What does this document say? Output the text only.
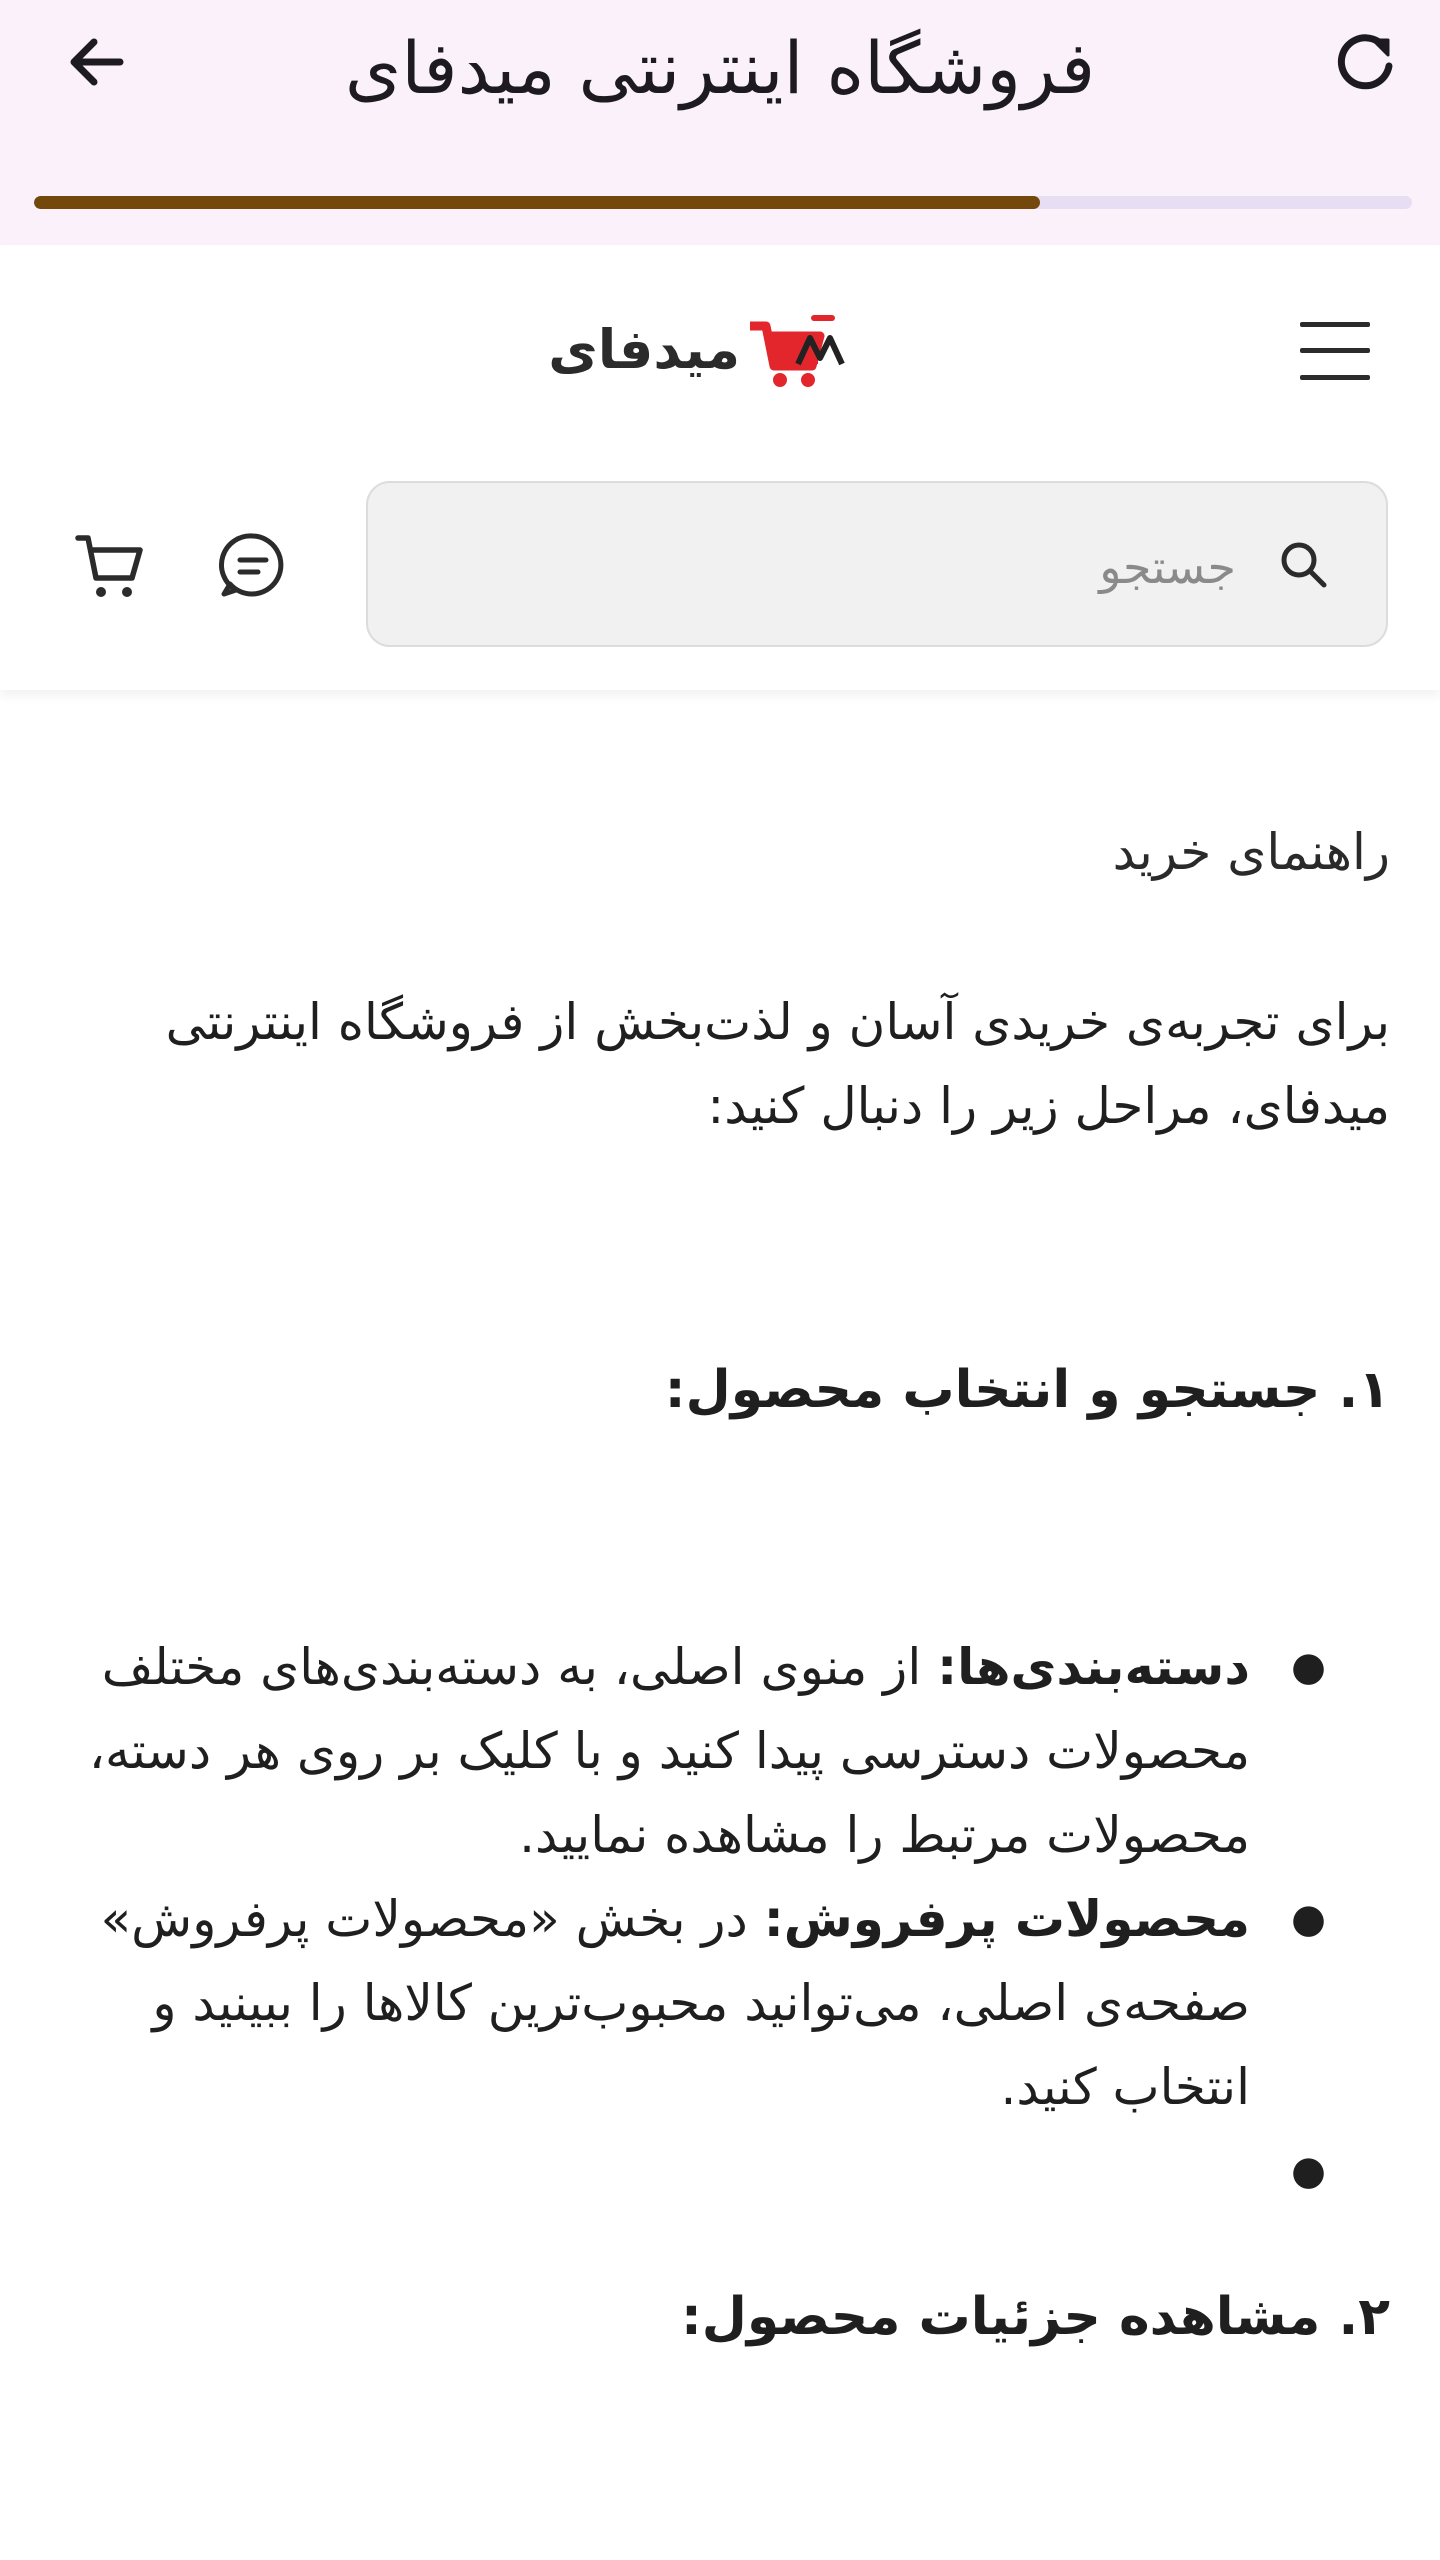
فروشگاه اینترنتی میدفای
میدفای
جستجو
راهنمای خرید
برای تجربه‌ی خریدی آسان و لذت‌بخش از فروشگاه اینترنتی میدفای، مراحل زیر را دنبال کنید:
۱. جستجو و انتخاب محصول:
●
دسته‌بندی‌ها: از منوی اصلی، به دسته‌بندی‌های مختلف محصولات دسترسی پیدا کنید و با کلیک بر روی هر دسته، محصولات مرتبط را مشاهده نمایید.
●
محصولات پرفروش: در بخش «محصولات پرفروش» صفحه‌ی اصلی، می‌توانید محبوب‌ترین کالاها را ببینید و انتخاب کنید.
●
۲. مشاهده جزئیات محصول:
